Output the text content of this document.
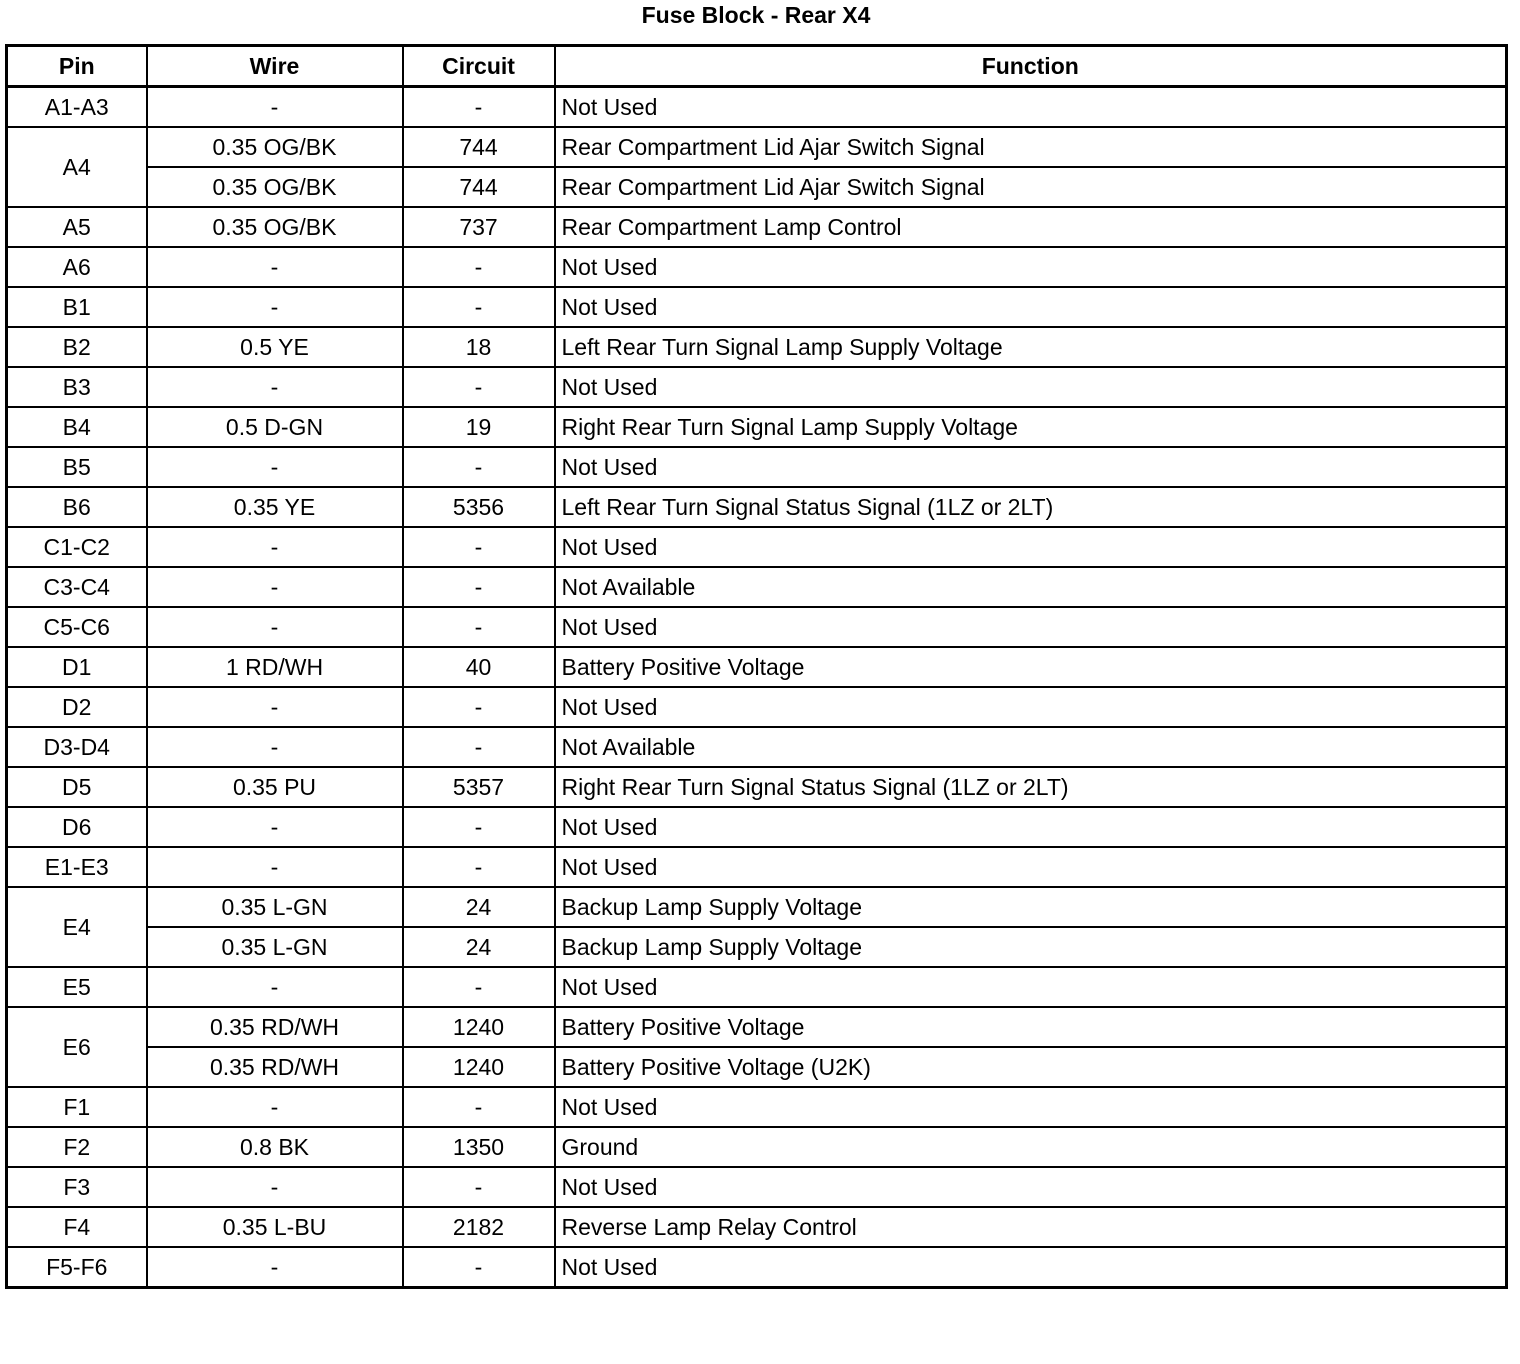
Fuse Block - Rear X4
Pin	Wire	Circuit	Function
A1-A3	-	-	Not Used
A4	0.35 OG/BK	744	Rear Compartment Lid Ajar Switch Signal
	0.35 OG/BK	744	Rear Compartment Lid Ajar Switch Signal
A5	0.35 OG/BK	737	Rear Compartment Lamp Control
A6	-	-	Not Used
B1	-	-	Not Used
B2	0.5 YE	18	Left Rear Turn Signal Lamp Supply Voltage
B3	-	-	Not Used
B4	0.5 D-GN	19	Right Rear Turn Signal Lamp Supply Voltage
B5	-	-	Not Used
B6	0.35 YE	5356	Left Rear Turn Signal Status Signal (1LZ or 2LT)
C1-C2	-	-	Not Used
C3-C4	-	-	Not Available
C5-C6	-	-	Not Used
D1	1 RD/WH	40	Battery Positive Voltage
D2	-	-	Not Used
D3-D4	-	-	Not Available
D5	0.35 PU	5357	Right Rear Turn Signal Status Signal (1LZ or 2LT)
D6	-	-	Not Used
E1-E3	-	-	Not Used
E4	0.35 L-GN	24	Backup Lamp Supply Voltage
	0.35 L-GN	24	Backup Lamp Supply Voltage
E5	-	-	Not Used
E6	0.35 RD/WH	1240	Battery Positive Voltage
	0.35 RD/WH	1240	Battery Positive Voltage (U2K)
F1	-	-	Not Used
F2	0.8 BK	1350	Ground
F3	-	-	Not Used
F4	0.35 L-BU	2182	Reverse Lamp Relay Control
F5-F6	-	-	Not Used
